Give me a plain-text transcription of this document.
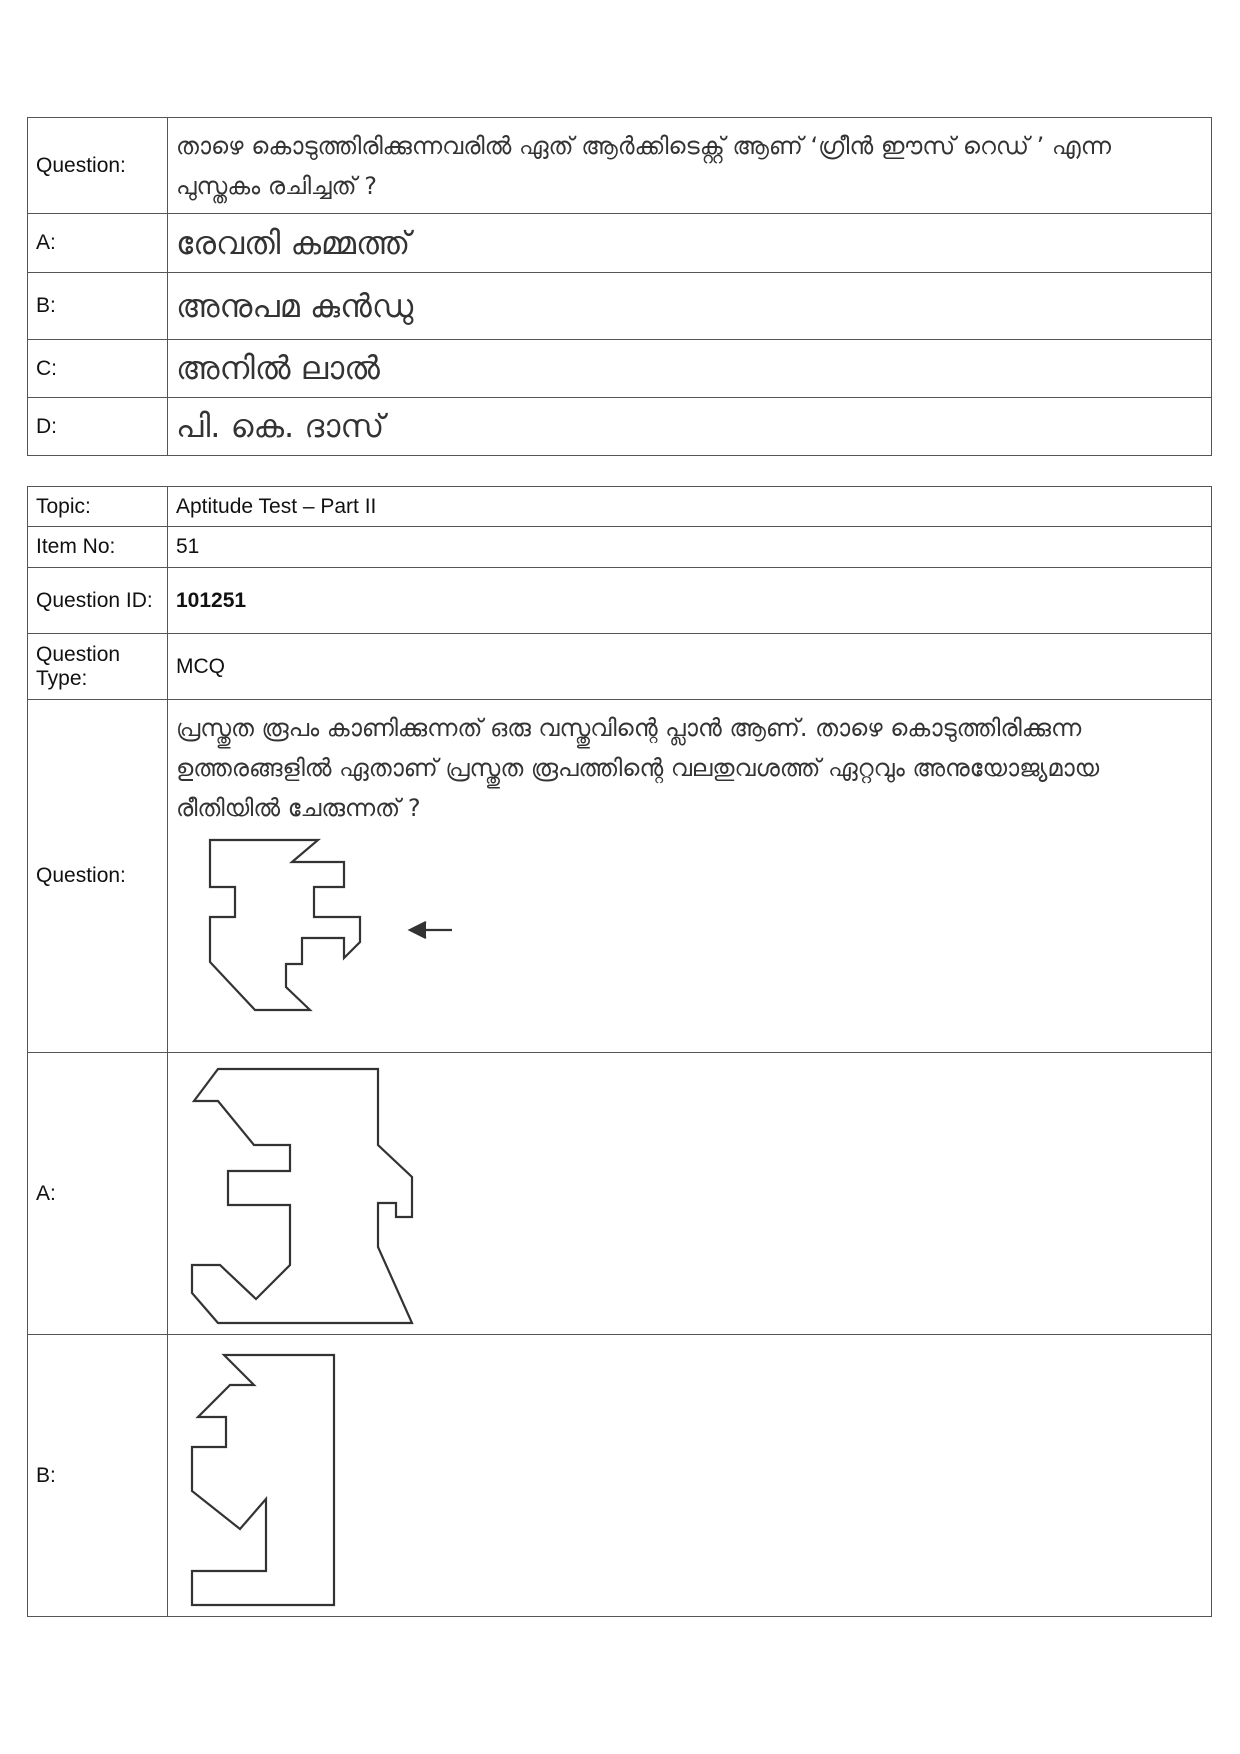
Question:	താഴെ കൊടുത്തിരിക്കുന്നവരിൽ ഏത് ആർക്കിടെക്റ്റ് ആണ് ‘ഗ്രീൻ ഈസ് റെഡ് ’ എന്ന പുസ്തകം രചിച്ചത് ?
A:	രേവതി കമ്മത്ത്
B:	അനുപമ കുൻഡു
C:	അനിൽ ലാൽ
D:	പി. കെ. ദാസ്
Topic:	Aptitude Test – Part II
Item No:	51
Question ID:	101251
Question Type:	MCQ
Question:	പ്രസ്തുത രൂപം കാണിക്കുന്നത് ഒരു വസ്തുവിന്റെ പ്ലാൻ ആണ്. താഴെ കൊടുത്തിരിക്കുന്ന ഉത്തരങ്ങളിൽ ഏതാണ് പ്രസ്തുത രൂപത്തിന്റെ വലതുവശത്ത് ഏറ്റവും അനുയോജ്യമായ രീതിയിൽ ചേരുന്നത് ?

A:	

B:	
